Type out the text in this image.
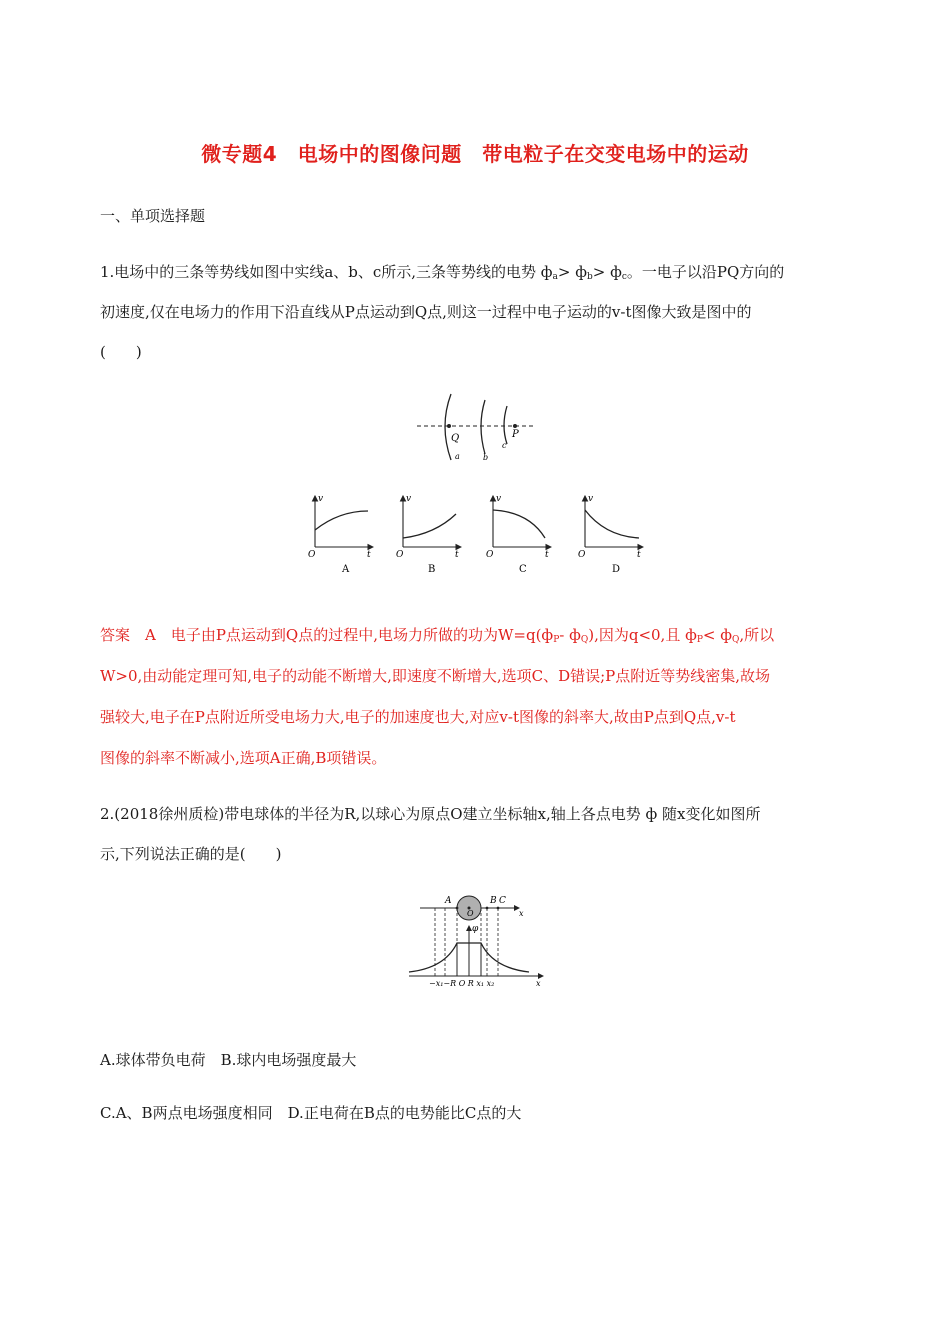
微专题4　电场中的图像问题　带电粒子在交变电场中的运动
一、单项选择题
1.电场中的三条等势线如图中实线a、b、c所示,三条等势线的电势 $ф_a> ф_b> ф_c$。一电子以沿PQ方向的
初速度,仅在电场力的作用下沿直线从P点运动到Q点,则这一过程中电子运动的v-t图像大致是图中的
(　　)
Q	P
a	b
c
v
t
O
A
v
t
O
B
v
t
O
C
v
t
O
D
答案　A　电子由P点运动到Q点的过程中,电场力所做的功为$W=q(ф_P-$ $ф_Q$),因为q<0,且 $ф_P< ф_Q$,所以
W>0,由动能定理可知,电子的动能不断增大,即速度不断增大,选项C、D错误;P点附近等势线密集,故场
强较大,电子在P点附近所受电场力大,电子的加速度也大,对应v-t图像的斜率大,故由P点到Q点,v-t
图像的斜率不断减小,选项A正确,B项错误。
2.(2018徐州质检)带电球体的半径为R,以球心为原点O建立坐标轴x,轴上各点电势 ф 随x变化如图所
示,下列说法正确的是(　　)
A	B C
O	x
φ
−x₁−R O R x₁ x₂	x
A.球体带负电荷　B.球内电场强度最大
C.A、B两点电场强度相同　D.正电荷在B点的电势能比C点的大
